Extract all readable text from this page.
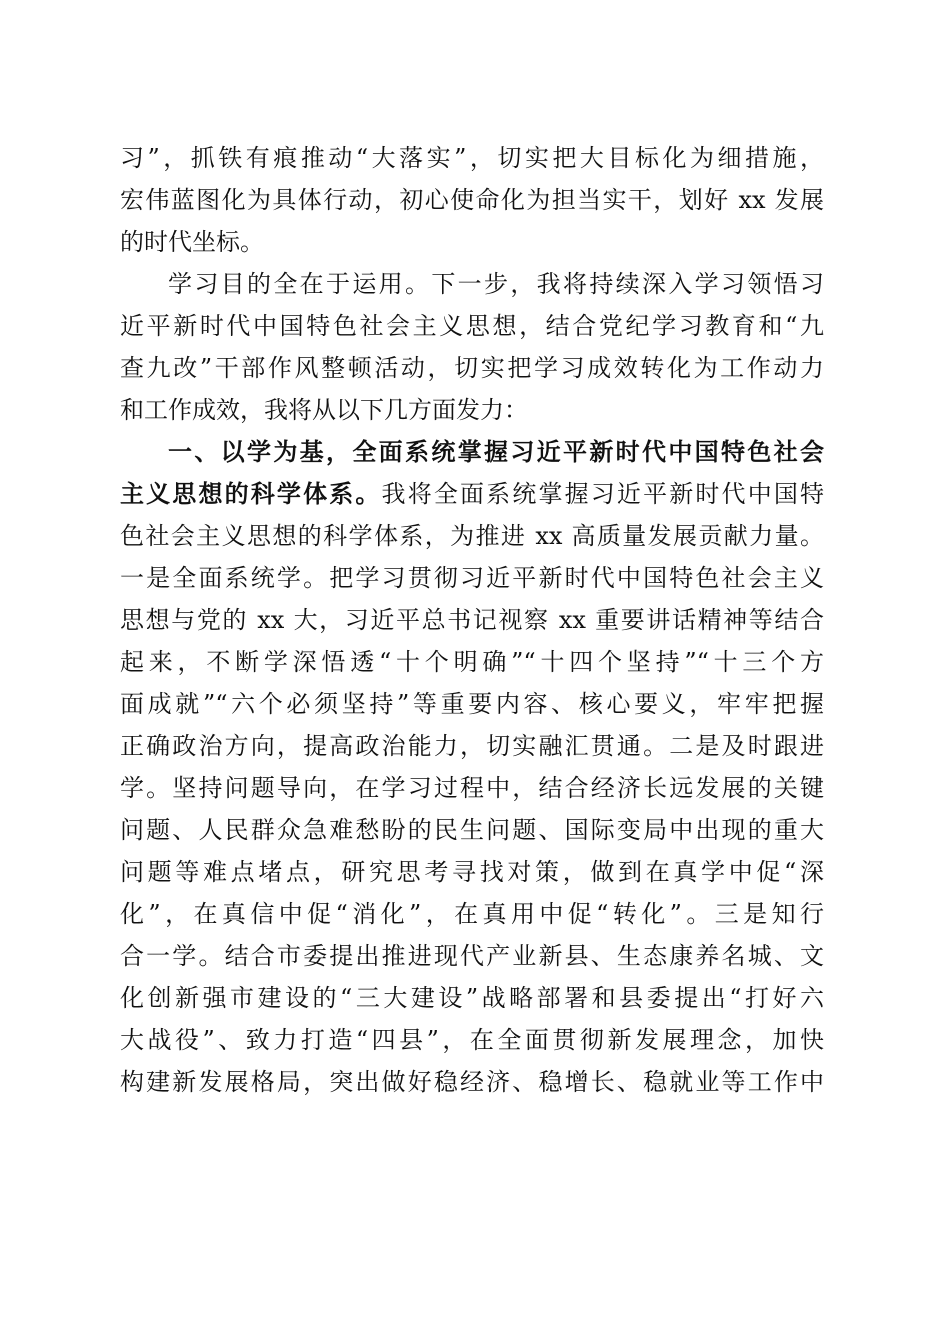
习”，抓铁有痕推动“大落实”，切实把大目标化为细措施，
宏伟蓝图化为具体行动，初心使命化为担当实干，划好 xx 发展
的时代坐标。
学习目的全在于运用。下一步，我将持续深入学习领悟习
近平新时代中国特色社会主义思想，结合党纪学习教育和“九
查九改”干部作风整顿活动，切实把学习成效转化为工作动力
和工作成效，我将从以下几方面发力：
一、以学为基，全面系统掌握习近平新时代中国特色社会
主义思想的科学体系。我将全面系统掌握习近平新时代中国特
色社会主义思想的科学体系，为推进 xx 高质量发展贡献力量。
一是全面系统学。把学习贯彻习近平新时代中国特色社会主义
思想与党的 xx 大，习近平总书记视察 xx 重要讲话精神等结合
起来，不断学深悟透“十个明确”“十四个坚持”“十三个方
面成就”“六个必须坚持”等重要内容、核心要义，牢牢把握
正确政治方向，提高政治能力，切实融汇贯通。二是及时跟进
学。坚持问题导向，在学习过程中，结合经济长远发展的关键
问题、人民群众急难愁盼的民生问题、国际变局中出现的重大
问题等难点堵点，研究思考寻找对策，做到在真学中促“深
化”，在真信中促“消化”，在真用中促“转化”。三是知行
合一学。结合市委提出推进现代产业新县、生态康养名城、文
化创新强市建设的“三大建设”战略部署和县委提出“打好六
大战役”、致力打造“四县”，在全面贯彻新发展理念，加快
构建新发展格局，突出做好稳经济、稳增长、稳就业等工作中
